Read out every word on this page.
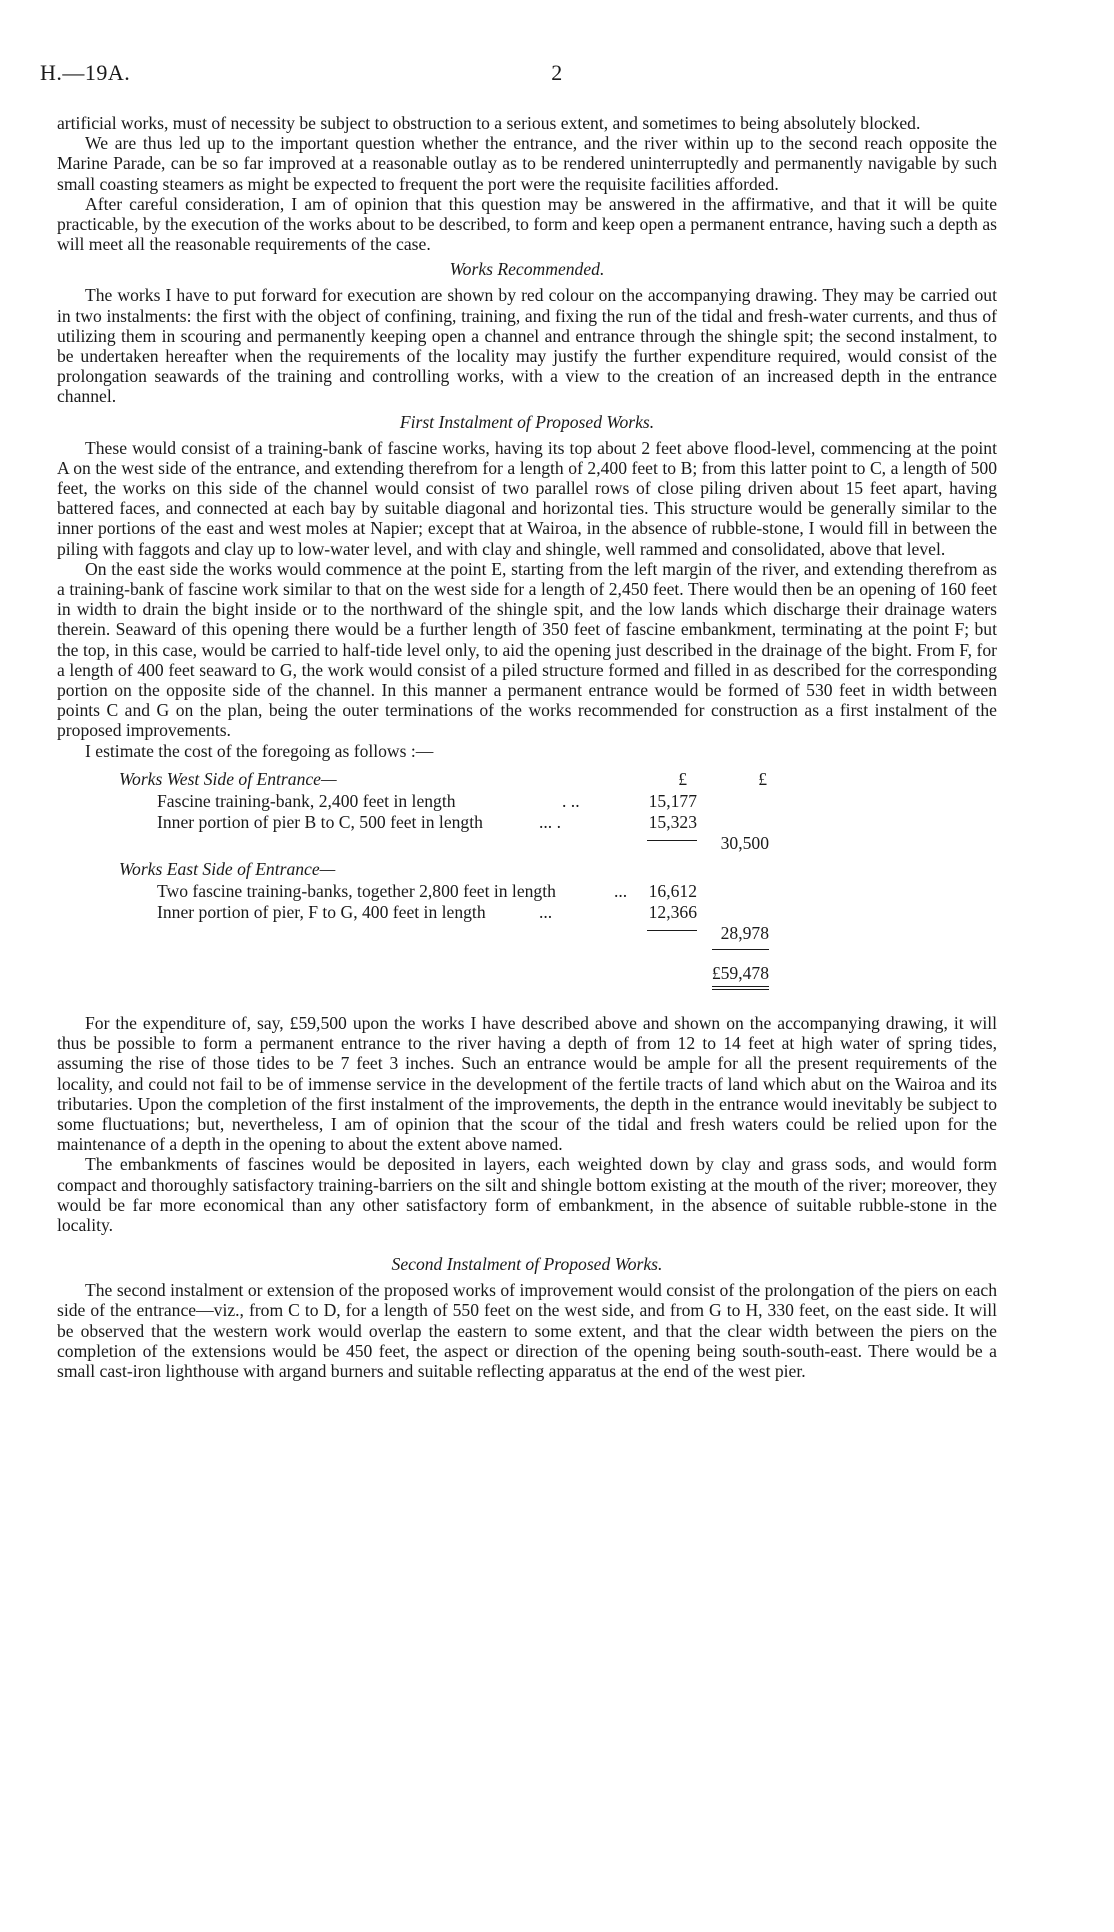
H.—19A.	2

artificial works, must of necessity be subject to obstruction to a serious extent, and sometimes to being absolutely blocked.

We are thus led up to the important question whether the entrance, and the river within up to the second reach opposite the Marine Parade, can be so far improved at a reasonable outlay as to be rendered uninterruptedly and permanently navigable by such small coasting steamers as might be expected to frequent the port were the requisite facilities afforded.

After careful consideration, I am of opinion that this question may be answered in the affirmative, and that it will be quite practicable, by the execution of the works about to be described, to form and keep open a permanent entrance, having such a depth as will meet all the reasonable requirements of the case.

Works Recommended.

The works I have to put forward for execution are shown by red colour on the accompanying drawing. They may be carried out in two instalments: the first with the object of confining, training, and fixing the run of the tidal and fresh-water currents, and thus of utilizing them in scouring and permanently keeping open a channel and entrance through the shingle spit; the second instalment, to be undertaken hereafter when the requirements of the locality may justify the further expenditure required, would consist of the prolongation seawards of the training and controlling works, with a view to the creation of an increased depth in the entrance channel.

First Instalment of Proposed Works.

These would consist of a training-bank of fascine works, having its top about 2 feet above flood-level, commencing at the point A on the west side of the entrance, and extending therefrom for a length of 2,400 feet to B; from this latter point to C, a length of 500 feet, the works on this side of the channel would consist of two parallel rows of close piling driven about 15 feet apart, having battered faces, and connected at each bay by suitable diagonal and horizontal ties. This structure would be generally similar to the inner portions of the east and west moles at Napier; except that at Wairoa, in the absence of rubble-stone, I would fill in between the piling with faggots and clay up to low-water level, and with clay and shingle, well rammed and consolidated, above that level.

On the east side the works would commence at the point E, starting from the left margin of the river, and extending therefrom as a training-bank of fascine work similar to that on the west side for a length of 2,450 feet. There would then be an opening of 160 feet in width to drain the bight inside or to the northward of the shingle spit, and the low lands which discharge their drainage waters therein. Seaward of this opening there would be a further length of 350 feet of fascine embankment, terminating at the point F; but the top, in this case, would be carried to half-tide level only, to aid the opening just described in the drainage of the bight. From F, for a length of 400 feet seaward to G, the work would consist of a piled structure formed and filled in as described for the corresponding portion on the opposite side of the channel. In this manner a permanent entrance would be formed of 530 feet in width between points C and G on the plan, being the outer terminations of the works recommended for construction as a first instalment of the proposed improvements.

I estimate the cost of the foregoing as follows :—

£	£
Works West Side of Entrance—
Fascine training-bank, 2,400 feet in length	. ..	15,177
Inner portion of pier B to C, 500 feet in length	... .	15,323
30,500
Works East Side of Entrance—
Two fascine training-banks, together 2,800 feet in length	...	16,612
Inner portion of pier, F to G, 400 feet in length	...	12,366
28,978
£59,478

For the expenditure of, say, £59,500 upon the works I have described above and shown on the accompanying drawing, it will thus be possible to form a permanent entrance to the river having a depth of from 12 to 14 feet at high water of spring tides, assuming the rise of those tides to be 7 feet 3 inches. Such an entrance would be ample for all the present requirements of the locality, and could not fail to be of immense service in the development of the fertile tracts of land which abut on the Wairoa and its tributaries. Upon the completion of the first instalment of the improvements, the depth in the entrance would inevitably be subject to some fluctuations; but, nevertheless, I am of opinion that the scour of the tidal and fresh waters could be relied upon for the maintenance of a depth in the opening to about the extent above named.

The embankments of fascines would be deposited in layers, each weighted down by clay and grass sods, and would form compact and thoroughly satisfactory training-barriers on the silt and shingle bottom existing at the mouth of the river; moreover, they would be far more economical than any other satisfactory form of embankment, in the absence of suitable rubble-stone in the locality.

Second Instalment of Proposed Works.

The second instalment or extension of the proposed works of improvement would consist of the prolongation of the piers on each side of the entrance—viz., from C to D, for a length of 550 feet on the west side, and from G to H, 330 feet, on the east side. It will be observed that the western work would overlap the eastern to some extent, and that the clear width between the piers on the completion of the extensions would be 450 feet, the aspect or direction of the opening being south-south-east. There would be a small cast-iron lighthouse with argand burners and suitable reflecting apparatus at the end of the west pier.
